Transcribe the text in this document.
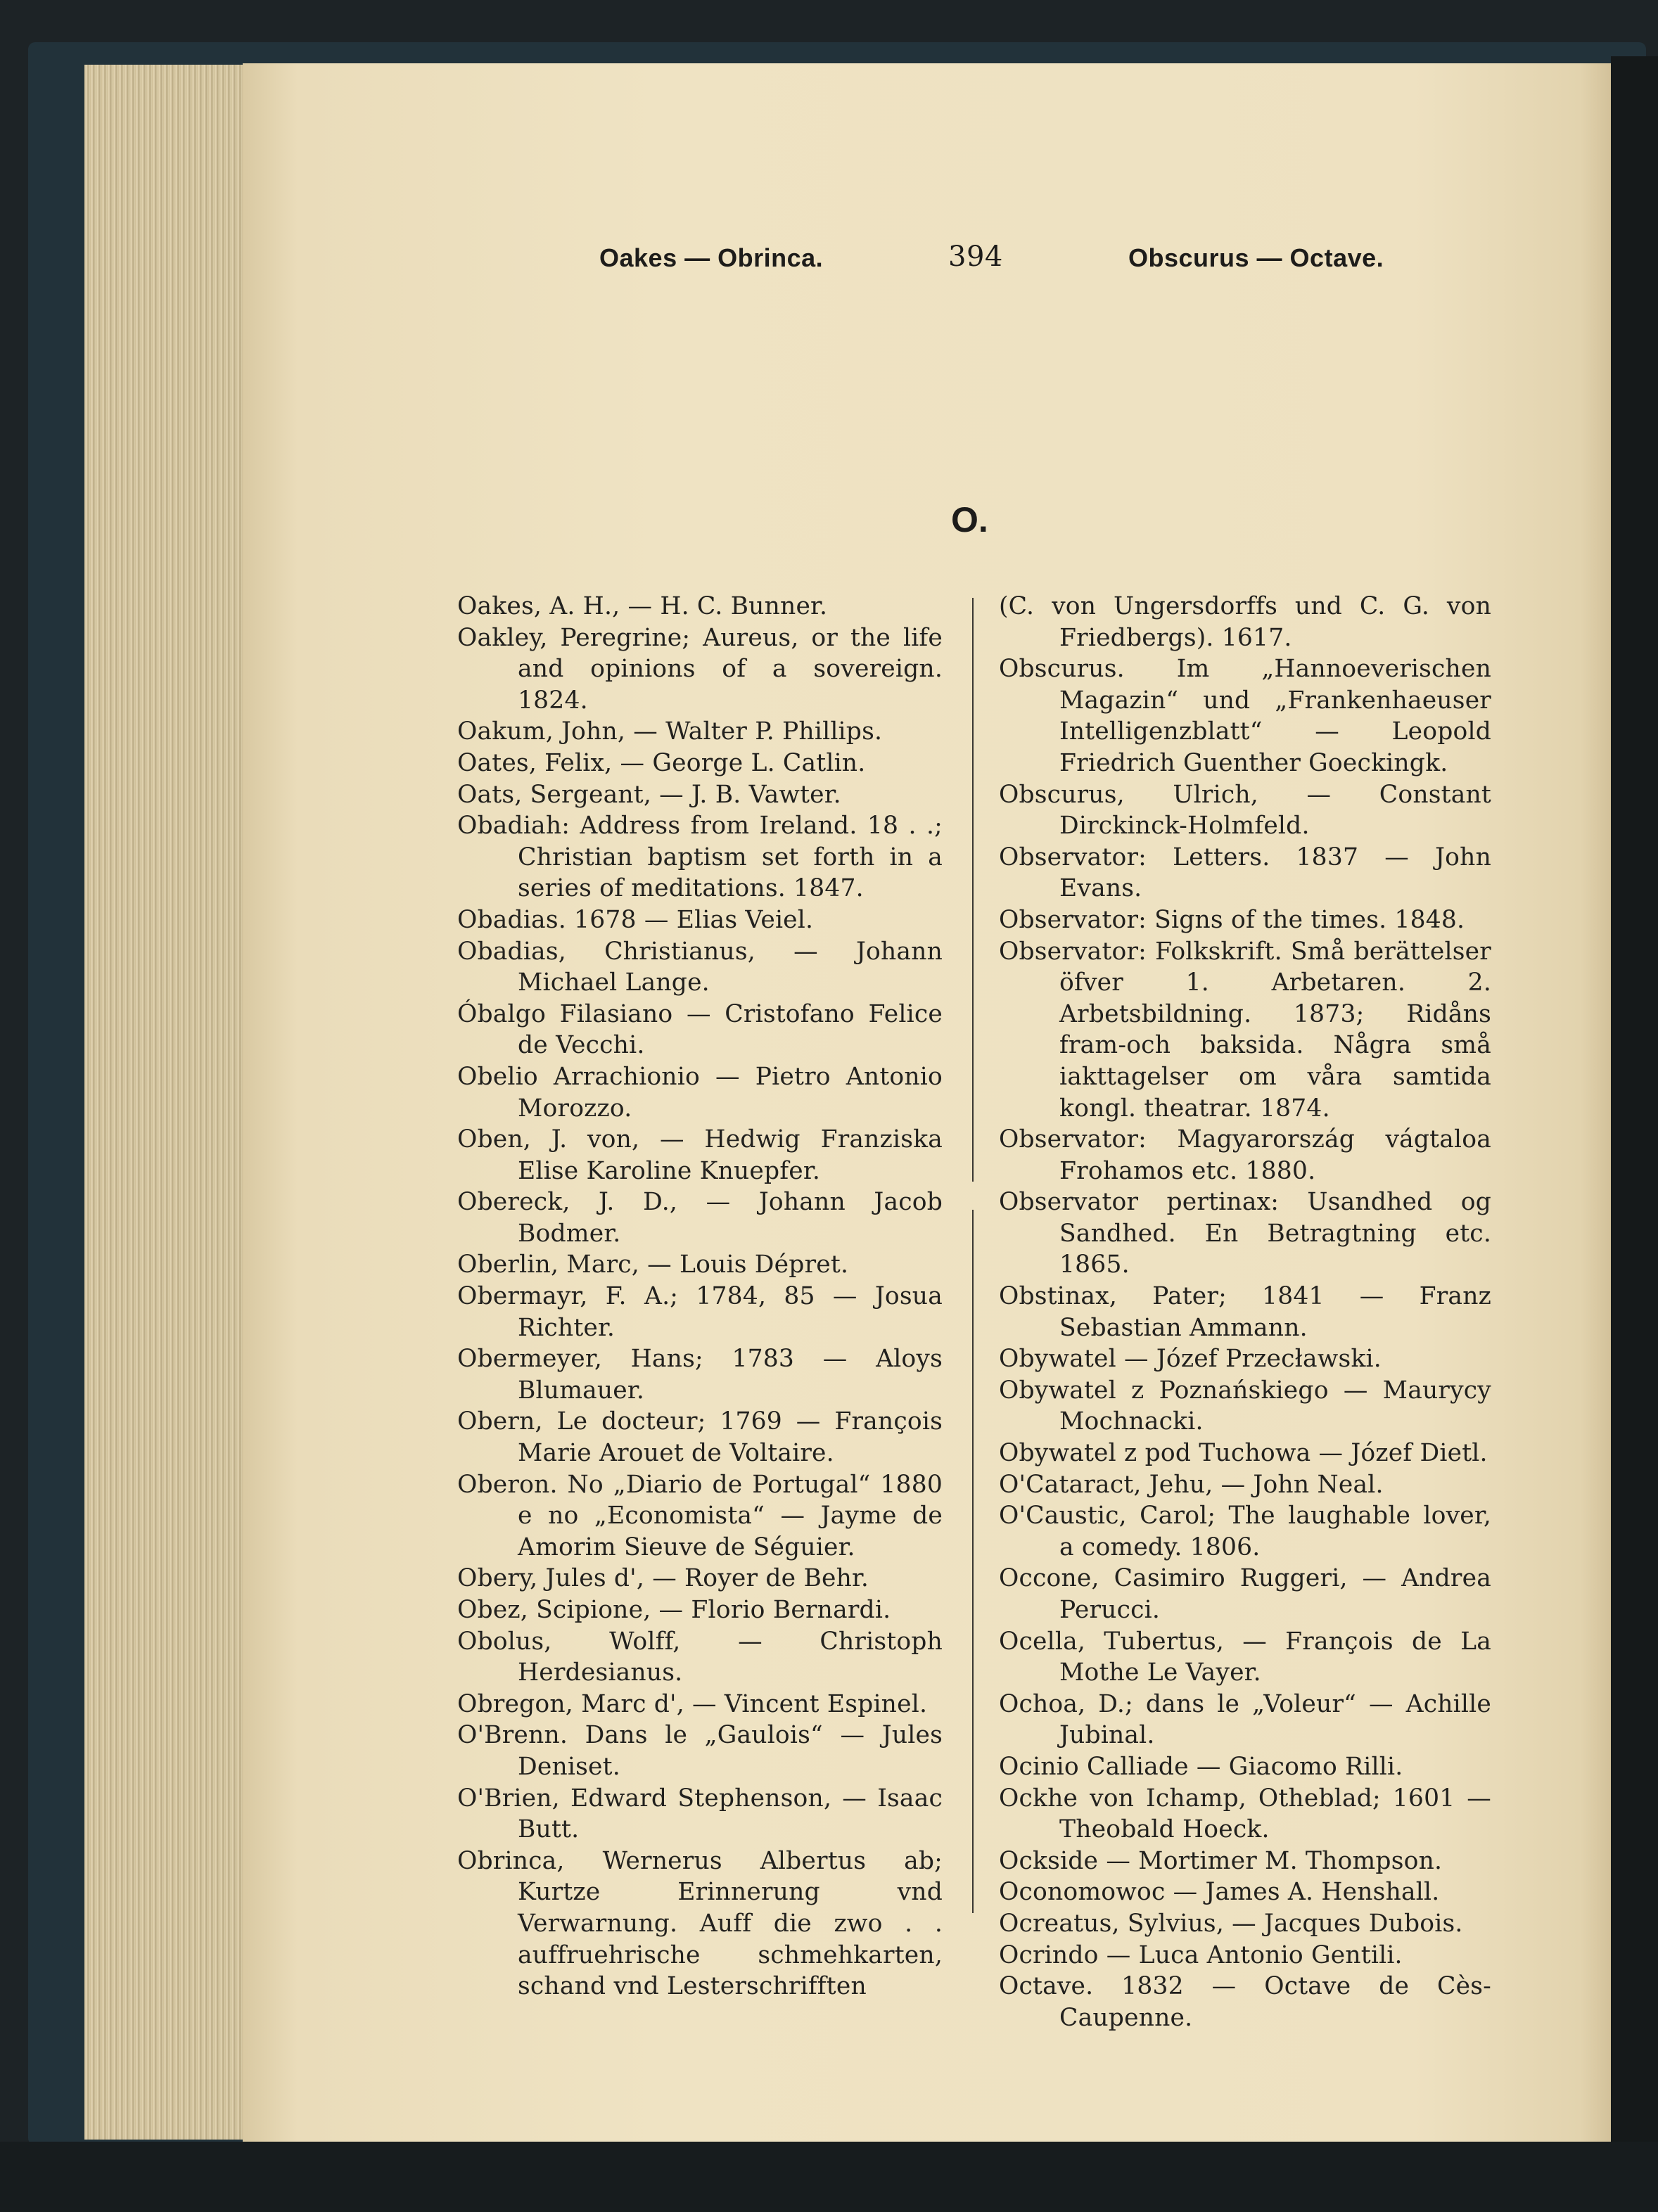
Oakes — Obrinca.	394	Obscurus — Octave.
O.

Oakes, A. H., — H. C. Bunner.

Oakley, Peregrine; Aureus, or the life and opinions of a sovereign. 1824.

Oakum, John, — Walter P. Phillips.

Oates, Felix, — George L. Catlin.

Oats, Sergeant, — J. B. Vawter.

Obadiah: Address from Ireland. 18 . .; Christian baptism set forth in a series of meditations. 1847.

Obadias. 1678 — Elias Veiel.

Obadias, Christianus, — Johann Michael Lange.

Óbalgo Filasiano — Cristofano Felice de Vecchi.

Obelio Arrachionio — Pietro Antonio Morozzo.

Oben, J. von, — Hedwig Franziska Elise Karoline Knuepfer.

Obereck, J. D., — Johann Jacob Bodmer.

Oberlin, Marc, — Louis Dépret.

Obermayr, F. A.; 1784, 85 — Josua Richter.

Obermeyer, Hans; 1783 — Aloys Blumauer.

Obern, Le docteur; 1769 — François Marie Arouet de Voltaire.

Oberon. No „Diario de Portugal“ 1880 e no „Economista“ — Jayme de Amorim Sieuve de Séguier.

Obery, Jules d', — Royer de Behr.

Obez, Scipione, — Florio Bernardi.

Obolus, Wolff, — Christoph Herdesianus.

Obregon, Marc d', — Vincent Espinel.

O'Brenn. Dans le „Gaulois“ — Jules Deniset.

O'Brien, Edward Stephenson, — Isaac Butt.

Obrinca, Wernerus Albertus ab; Kurtze Erinnerung vnd Verwarnung. Auff die zwo . . auffruehrische schmehkarten, schand vnd Lesterschrifften

(C. von Ungersdorffs und C. G. von Friedbergs). 1617.

Obscurus. Im „Hannoeverischen Magazin“ und „Frankenhaeuser Intelligenzblatt“ — Leopold Friedrich Guenther Goeckingk.

Obscurus, Ulrich, — Constant Dirckinck-Holmfeld.

Observator: Letters. 1837 — John Evans.

Observator: Signs of the times. 1848.

Observator: Folkskrift. Små berättelser öfver 1. Arbetaren. 2. Arbetsbildning. 1873; Ridåns fram-och baksida. Några små iakttagelser om våra samtida kongl. theatrar. 1874.

Observator: Magyarország vágtaloa Frohamos etc. 1880.

Observator pertinax: Usandhed og Sandhed. En Betragtning etc. 1865.

Obstinax, Pater; 1841 — Franz Sebastian Ammann.

Obywatel — Józef Przecławski.

Obywatel z Poznańskiego — Maurycy Mochnacki.

Obywatel z pod Tuchowa — Józef Dietl.

O'Cataract, Jehu, — John Neal.

O'Caustic, Carol; The laughable lover, a comedy. 1806.

Occone, Casimiro Ruggeri, — Andrea Perucci.

Ocella, Tubertus, — François de La Mothe Le Vayer.

Ochoa, D.; dans le „Voleur“ — Achille Jubinal.

Ocinio Calliade — Giacomo Rilli.

Ockhe von Ichamp, Otheblad; 1601 — Theobald Hoeck.

Ockside — Mortimer M. Thompson.

Oconomowoc — James A. Henshall.

Ocreatus, Sylvius, — Jacques Dubois.

Ocrindo — Luca Antonio Gentili.

Octave. 1832 — Octave de Cès-Caupenne.
